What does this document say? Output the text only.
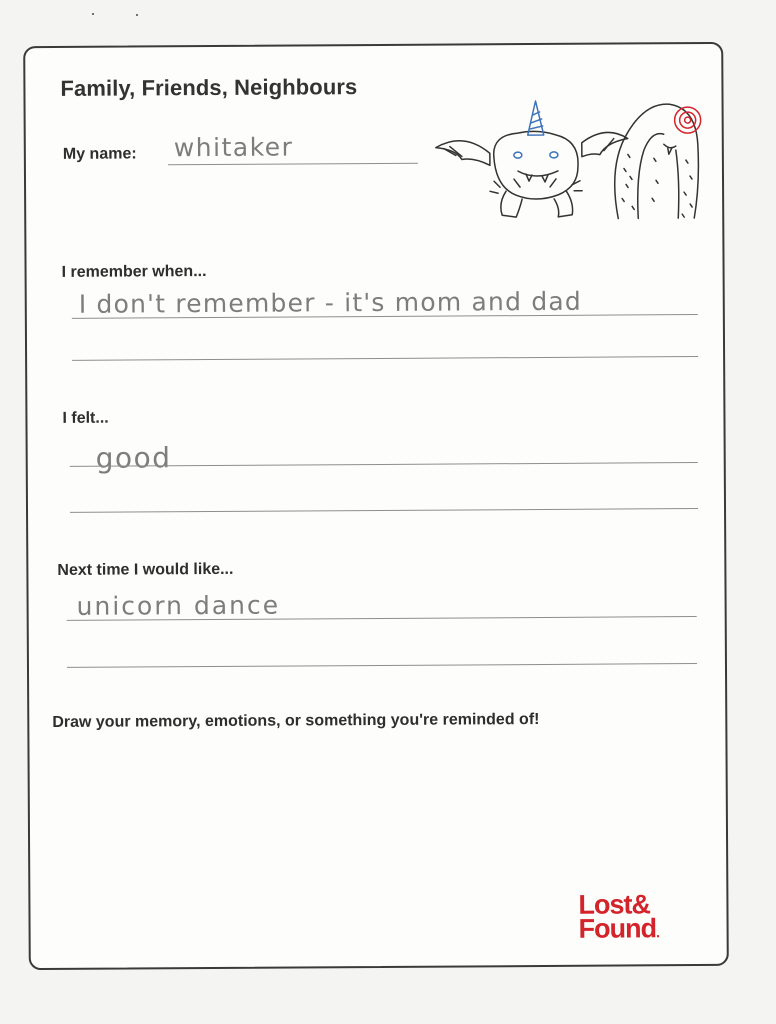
Family, Friends, Neighbours
My name: whitaker
I remember when...
I don't remember - it's mom and dad
I felt...
good
Next time I would like...
unicorn dance
Draw your memory, emotions, or something you're reminded of!
Lost&
Found.
